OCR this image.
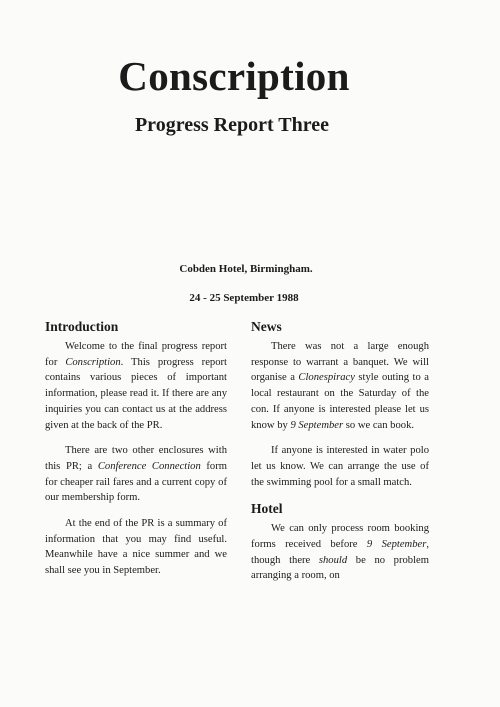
Conscription
Progress Report Three
Cobden Hotel, Birmingham.
24 - 25 September 1988
Introduction

Welcome to the final progress report for Conscription. This progress report contains various pieces of important information, please read it. If there are any inquiries you can contact us at the address given at the back of the PR.

There are two other enclosures with this PR; a Conference Connection form for cheaper rail fares and a current copy of our membership form.

At the end of the PR is a summary of information that you may find useful. Meanwhile have a nice summer and we shall see you in September.

News

There was not a large enough response to warrant a banquet. We will organise a Clonespiracy style outing to a local restaurant on the Saturday of the con. If anyone is interested please let us know by 9 September so we can book.

If anyone is interested in water polo let us know. We can arrange the use of the swimming pool for a small match.

Hotel

We can only process room booking forms received before 9 September, though there should be no problem arranging a room, on
